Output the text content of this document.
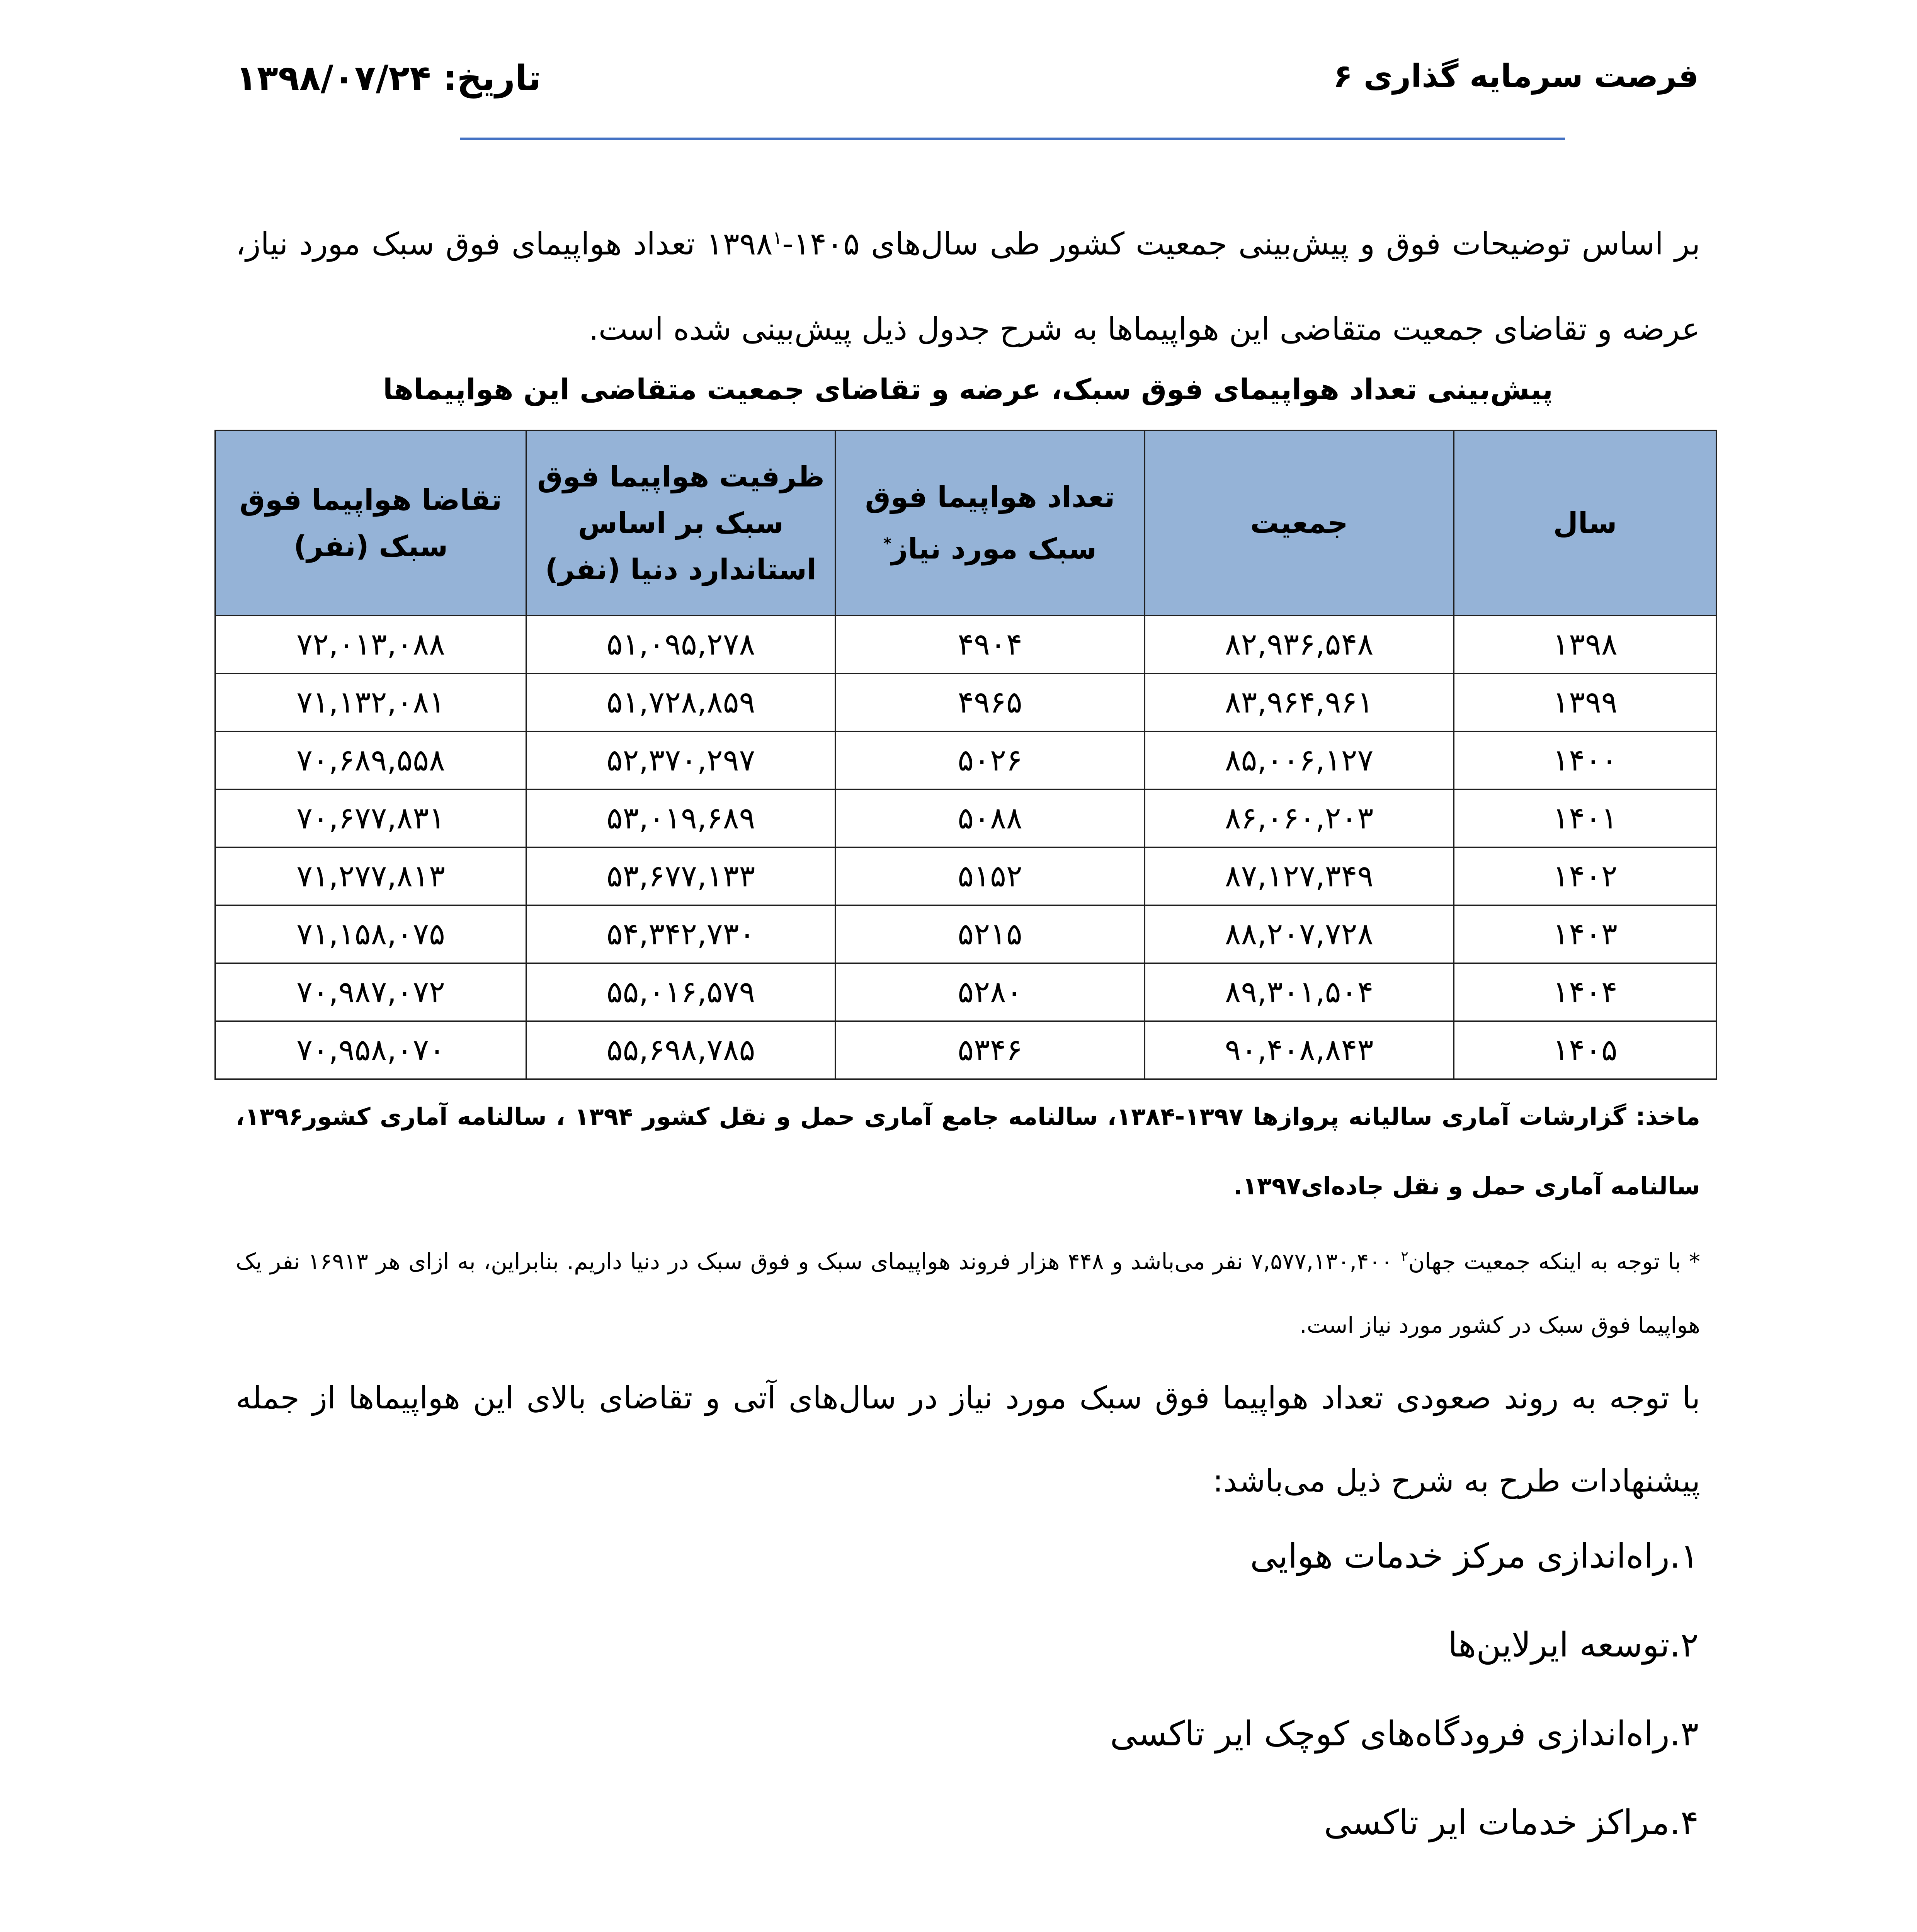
فرصت سرمایه گذاری ۶
تاریخ: ۱۳۹۸/۰۷/۲۴

بر اساس توضیحات فوق و پیش‌بینی جمعیت کشور طی سال‌های ۱۴۰۵-۱۳۹۸$^۱$ تعداد هواپیمای فوق سبک مورد نیاز، عرضه و تقاضای جمعیت متقاضی این هواپیماها به شرح جدول ذیل پیش‌بینی شده است.

پیش‌بینی تعداد هواپیمای فوق سبک، عرضه و تقاضای جمعیت متقاضی این هواپیماها
سال	جمعیت	تعداد هواپیما فوق سبک مورد نیاز*	ظرفیت هواپیما فوق سبک بر اساس استاندارد دنیا (نفر)	تقاضا هواپیما فوق سبک (نفر)
۱۳۹۸	۸۲,۹۳۶,۵۴۸	۴۹۰۴	۵۱,۰۹۵,۲۷۸	۷۲,۰۱۳,۰۸۸
۱۳۹۹	۸۳,۹۶۴,۹۶۱	۴۹۶۵	۵۱,۷۲۸,۸۵۹	۷۱,۱۳۲,۰۸۱
۱۴۰۰	۸۵,۰۰۶,۱۲۷	۵۰۲۶	۵۲,۳۷۰,۲۹۷	۷۰,۶۸۹,۵۵۸
۱۴۰۱	۸۶,۰۶۰,۲۰۳	۵۰۸۸	۵۳,۰۱۹,۶۸۹	۷۰,۶۷۷,۸۳۱
۱۴۰۲	۸۷,۱۲۷,۳۴۹	۵۱۵۲	۵۳,۶۷۷,۱۳۳	۷۱,۲۷۷,۸۱۳
۱۴۰۳	۸۸,۲۰۷,۷۲۸	۵۲۱۵	۵۴,۳۴۲,۷۳۰	۷۱,۱۵۸,۰۷۵
۱۴۰۴	۸۹,۳۰۱,۵۰۴	۵۲۸۰	۵۵,۰۱۶,۵۷۹	۷۰,۹۸۷,۰۷۲
۱۴۰۵	۹۰,۴۰۸,۸۴۳	۵۳۴۶	۵۵,۶۹۸,۷۸۵	۷۰,۹۵۸,۰۷۰

ماخذ: گزارشات آماری سالیانه پروازها ۱۳۹۷-۱۳۸۴، سالنامه جامع آماری حمل و نقل کشور ۱۳۹۴ ، سالنامه آماری کشور۱۳۹۶، سالنامه آماری حمل و نقل جاده‌ای۱۳۹۷.

* با توجه به اینکه جمعیت جهان$^۲$ ۷,۵۷۷,۱۳۰,۴۰۰ نفر می‌باشد و ۴۴۸ هزار فروند هواپیمای سبک و فوق سبک در دنیا داریم. بنابراین، به ازای هر ۱۶۹۱۳ نفر یک هواپیما فوق سبک در کشور مورد نیاز است.

با توجه به روند صعودی تعداد هواپیما فوق سبک مورد نیاز در سال‌های آتی و تقاضای بالای این هواپیماها از جمله پیشنهادات طرح به شرح ذیل می‌باشد:

۱.راه‌اندازی مرکز خدمات هوایی
۲.توسعه ایرلاین‌ها
۳.راه‌اندازی فرودگاه‌های کوچک ایر تاکسی
۴.مراکز خدمات ایر تاکسی
